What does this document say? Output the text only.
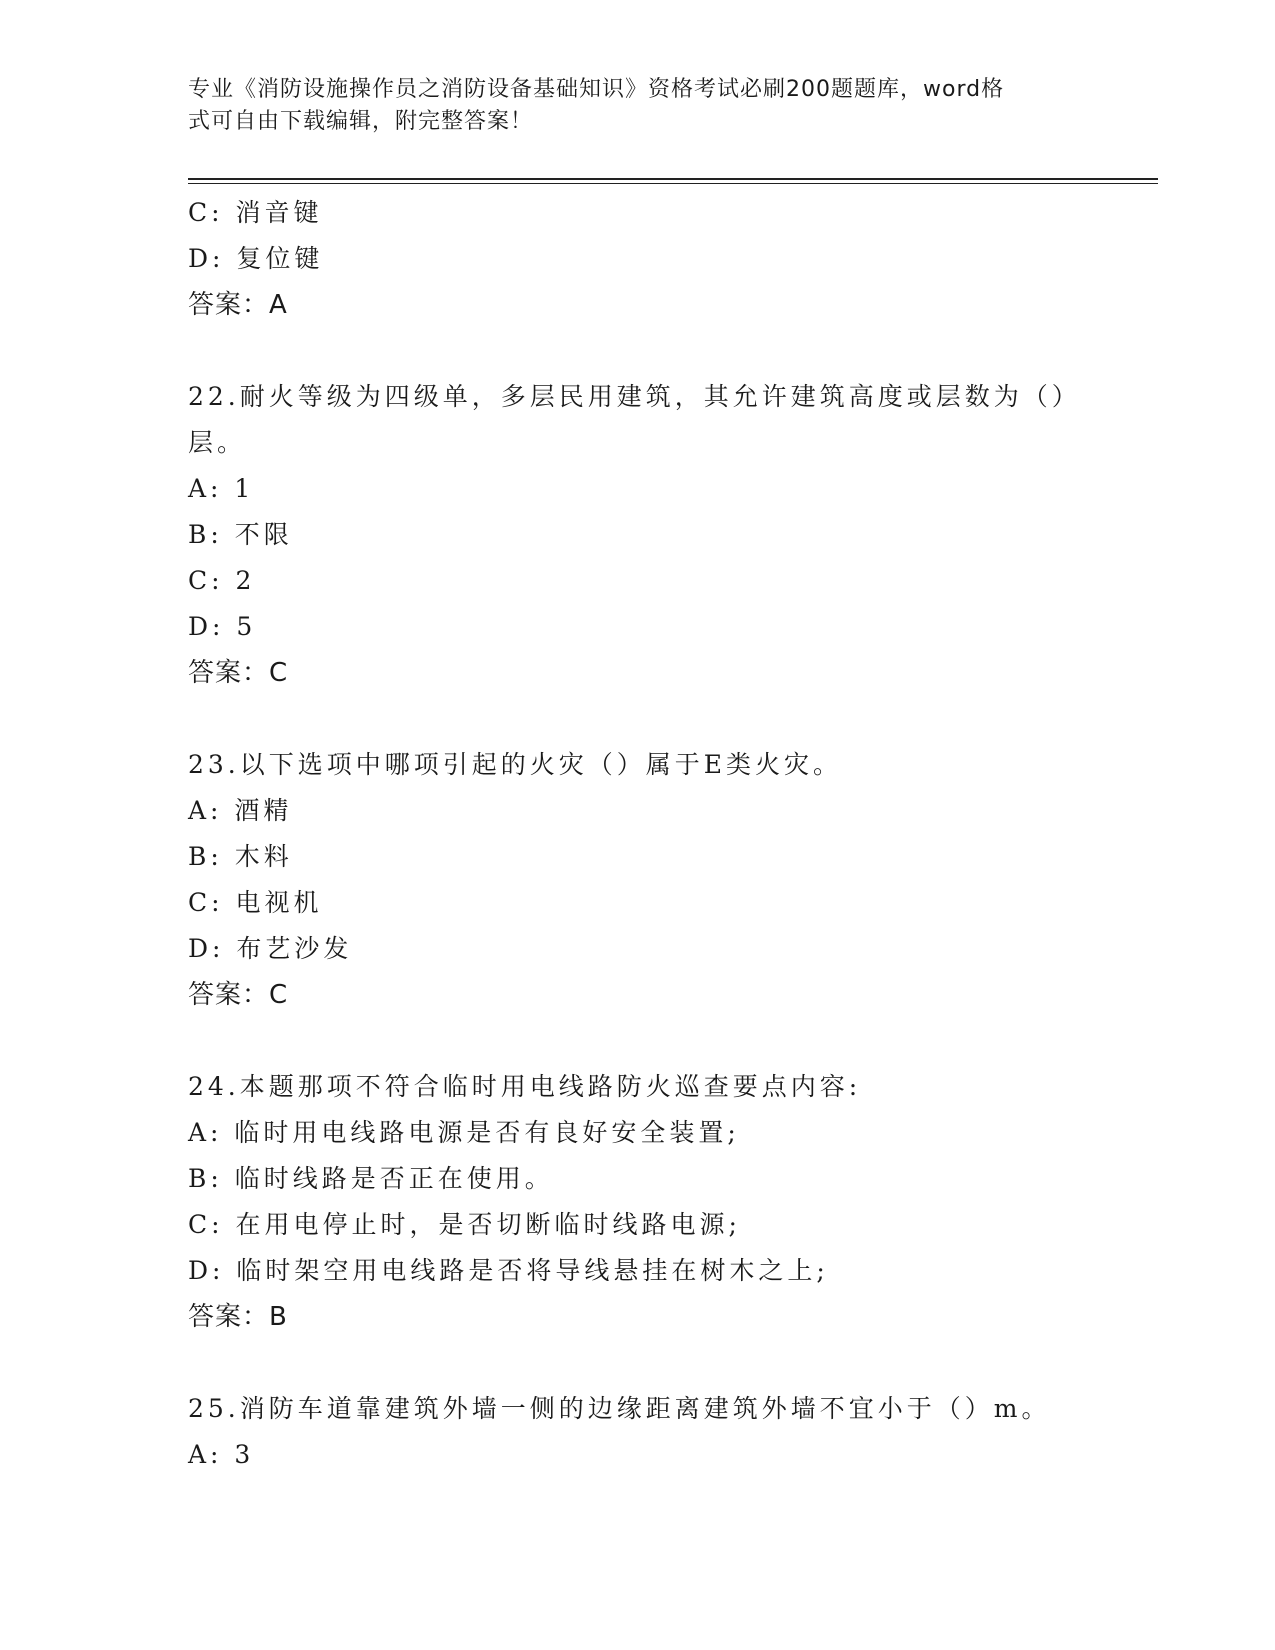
专业《消防设施操作员之消防设备基础知识》资格考试必刷200题题库，word格
式可自由下载编辑，附完整答案！
C: 消音键
D: 复位键
答案：A
22.耐火等级为四级单，多层民用建筑，其允许建筑高度或层数为（）
层。
A: 1
B: 不限
C: 2
D: 5
答案：C
23.以下选项中哪项引起的火灾（）属于E类火灾。
A: 酒精
B: 木料
C: 电视机
D: 布艺沙发
答案：C
24.本题那项不符合临时用电线路防火巡查要点内容:
A: 临时用电线路电源是否有良好安全装置;
B: 临时线路是否正在使用。
C: 在用电停止时，是否切断临时线路电源;
D: 临时架空用电线路是否将导线悬挂在树木之上;
答案：B
25.消防车道靠建筑外墙一侧的边缘距离建筑外墙不宜小于（）m。
A: 3
